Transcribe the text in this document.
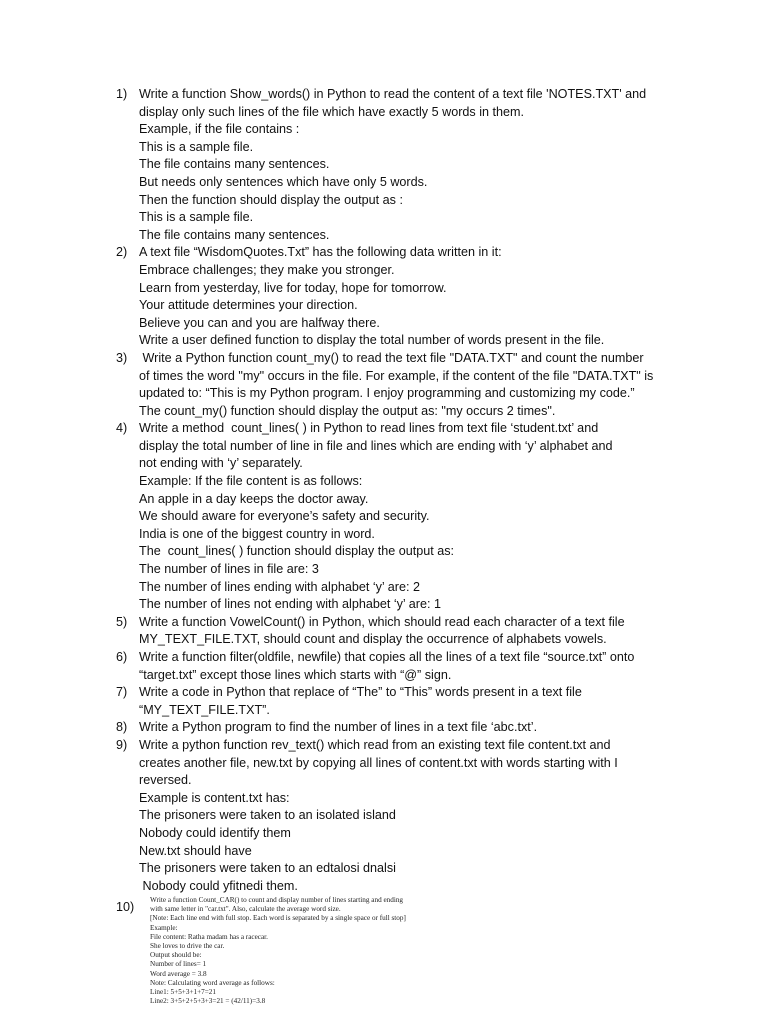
1) Write a function Show_words() in Python to read the content of a text file 'NOTES.TXT' and
display only such lines of the file which have exactly 5 words in them.
Example, if the file contains :
This is a sample file.
The file contains many sentences.
But needs only sentences which have only 5 words.
Then the function should display the output as :
This is a sample file.
The file contains many sentences.
2) A text file “WisdomQuotes.Txt” has the following data written in it:
Embrace challenges; they make you stronger.
Learn from yesterday, live for today, hope for tomorrow.
Your attitude determines your direction.
Believe you can and you are halfway there.
Write a user defined function to display the total number of words present in the file.
3) Write a Python function count_my() to read the text file "DATA.TXT" and count the number
of times the word "my" occurs in the file. For example, if the content of the file "DATA.TXT" is
updated to: “This is my Python program. I enjoy programming and customizing my code.”
The count_my() function should display the output as: "my occurs 2 times".
4) Write a method  count_lines( ) in Python to read lines from text file ‘student.txt’ and
display the total number of line in file and lines which are ending with ‘y’ alphabet and
not ending with ‘y’ separately.
Example: If the file content is as follows:
An apple in a day keeps the doctor away.
We should aware for everyone’s safety and security.
India is one of the biggest country in word.
The  count_lines( ) function should display the output as:
The number of lines in file are: 3
The number of lines ending with alphabet ‘y’ are: 2
The number of lines not ending with alphabet ‘y’ are: 1
5) Write a function VowelCount() in Python, which should read each character of a text file
MY_TEXT_FILE.TXT, should count and display the occurrence of alphabets vowels.
6) Write a function filter(oldfile, newfile) that copies all the lines of a text file “source.txt” onto
“target.txt” except those lines which starts with “@” sign.
7) Write a code in Python that replace of “The” to “This” words present in a text file
“MY_TEXT_FILE.TXT”.
8) Write a Python program to find the number of lines in a text file ‘abc.txt’.
9) Write a python function rev_text() which read from an existing text file content.txt and
creates another file, new.txt by copying all lines of content.txt with words starting with I
reversed.
Example is content.txt has:
The prisoners were taken to an isolated island
Nobody could identify them
New.txt should have
The prisoners were taken to an edtalosi dnalsi
Nobody could yfitnedi them.
10) Write a function Count_CAR() to count and display number of lines starting and ending
with same letter in "car.txt". Also, calculate the average word size.
[Note: Each line end with full stop. Each word is separated by a single space or full stop]
Example:
File content: Ratha madam has a racecar.
She loves to drive the car.
Output should be:
Number of lines= 1
Word average = 3.8
Note: Calculating word average as follows:
Line1: 5+5+3+1+7=21
Line2: 3+5+2+5+3+3=21 = (42/11)=3.8
